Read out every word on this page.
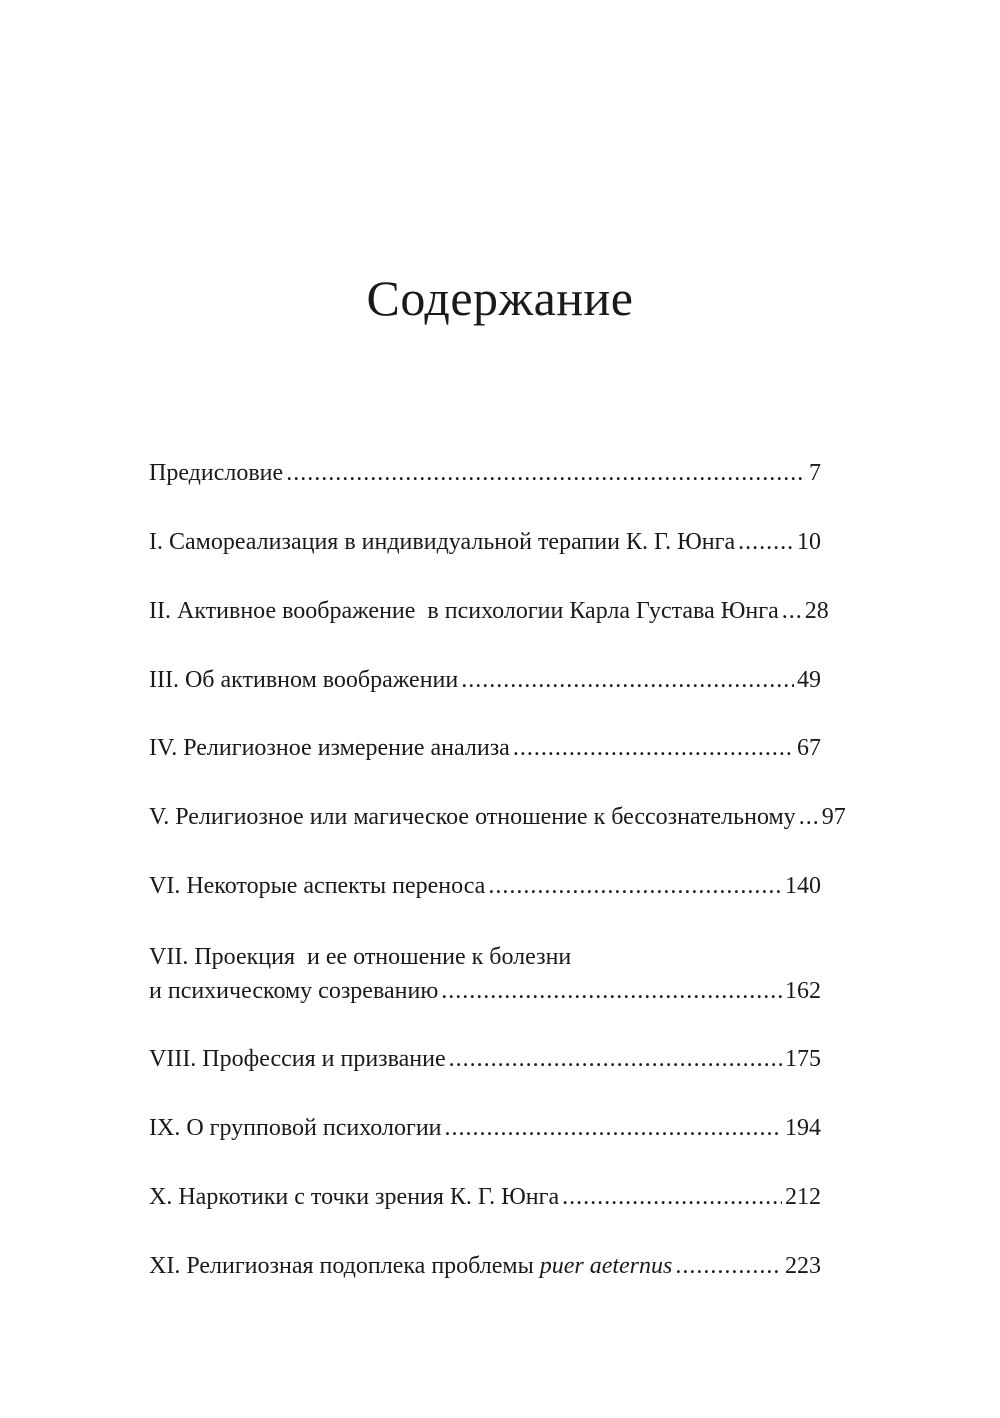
Содержание
Предисловие .....	7
I. Самореализация в индивидуальной терапии К. Г. Юнга .....	10
II. Активное воображение  в психологии Карла Густава Юнга ..... 28
III. Об активном воображении .....	49
IV. Религиозное измерение анализа .....	67
V. Религиозное или магическое отношение к бессознательному ..... 97
VI. Некоторые аспекты переноса .....	140
VII. Проекция  и ее отношение к болезни
и психическому созреванию .....	162
VIII. Профессия и призвание .....	175
IX. О групповой психологии .....	194
X. Наркотики с точки зрения К. Г. Юнга .....	212
XI. Религиозная подоплека проблемы puer aeternus .....	223
